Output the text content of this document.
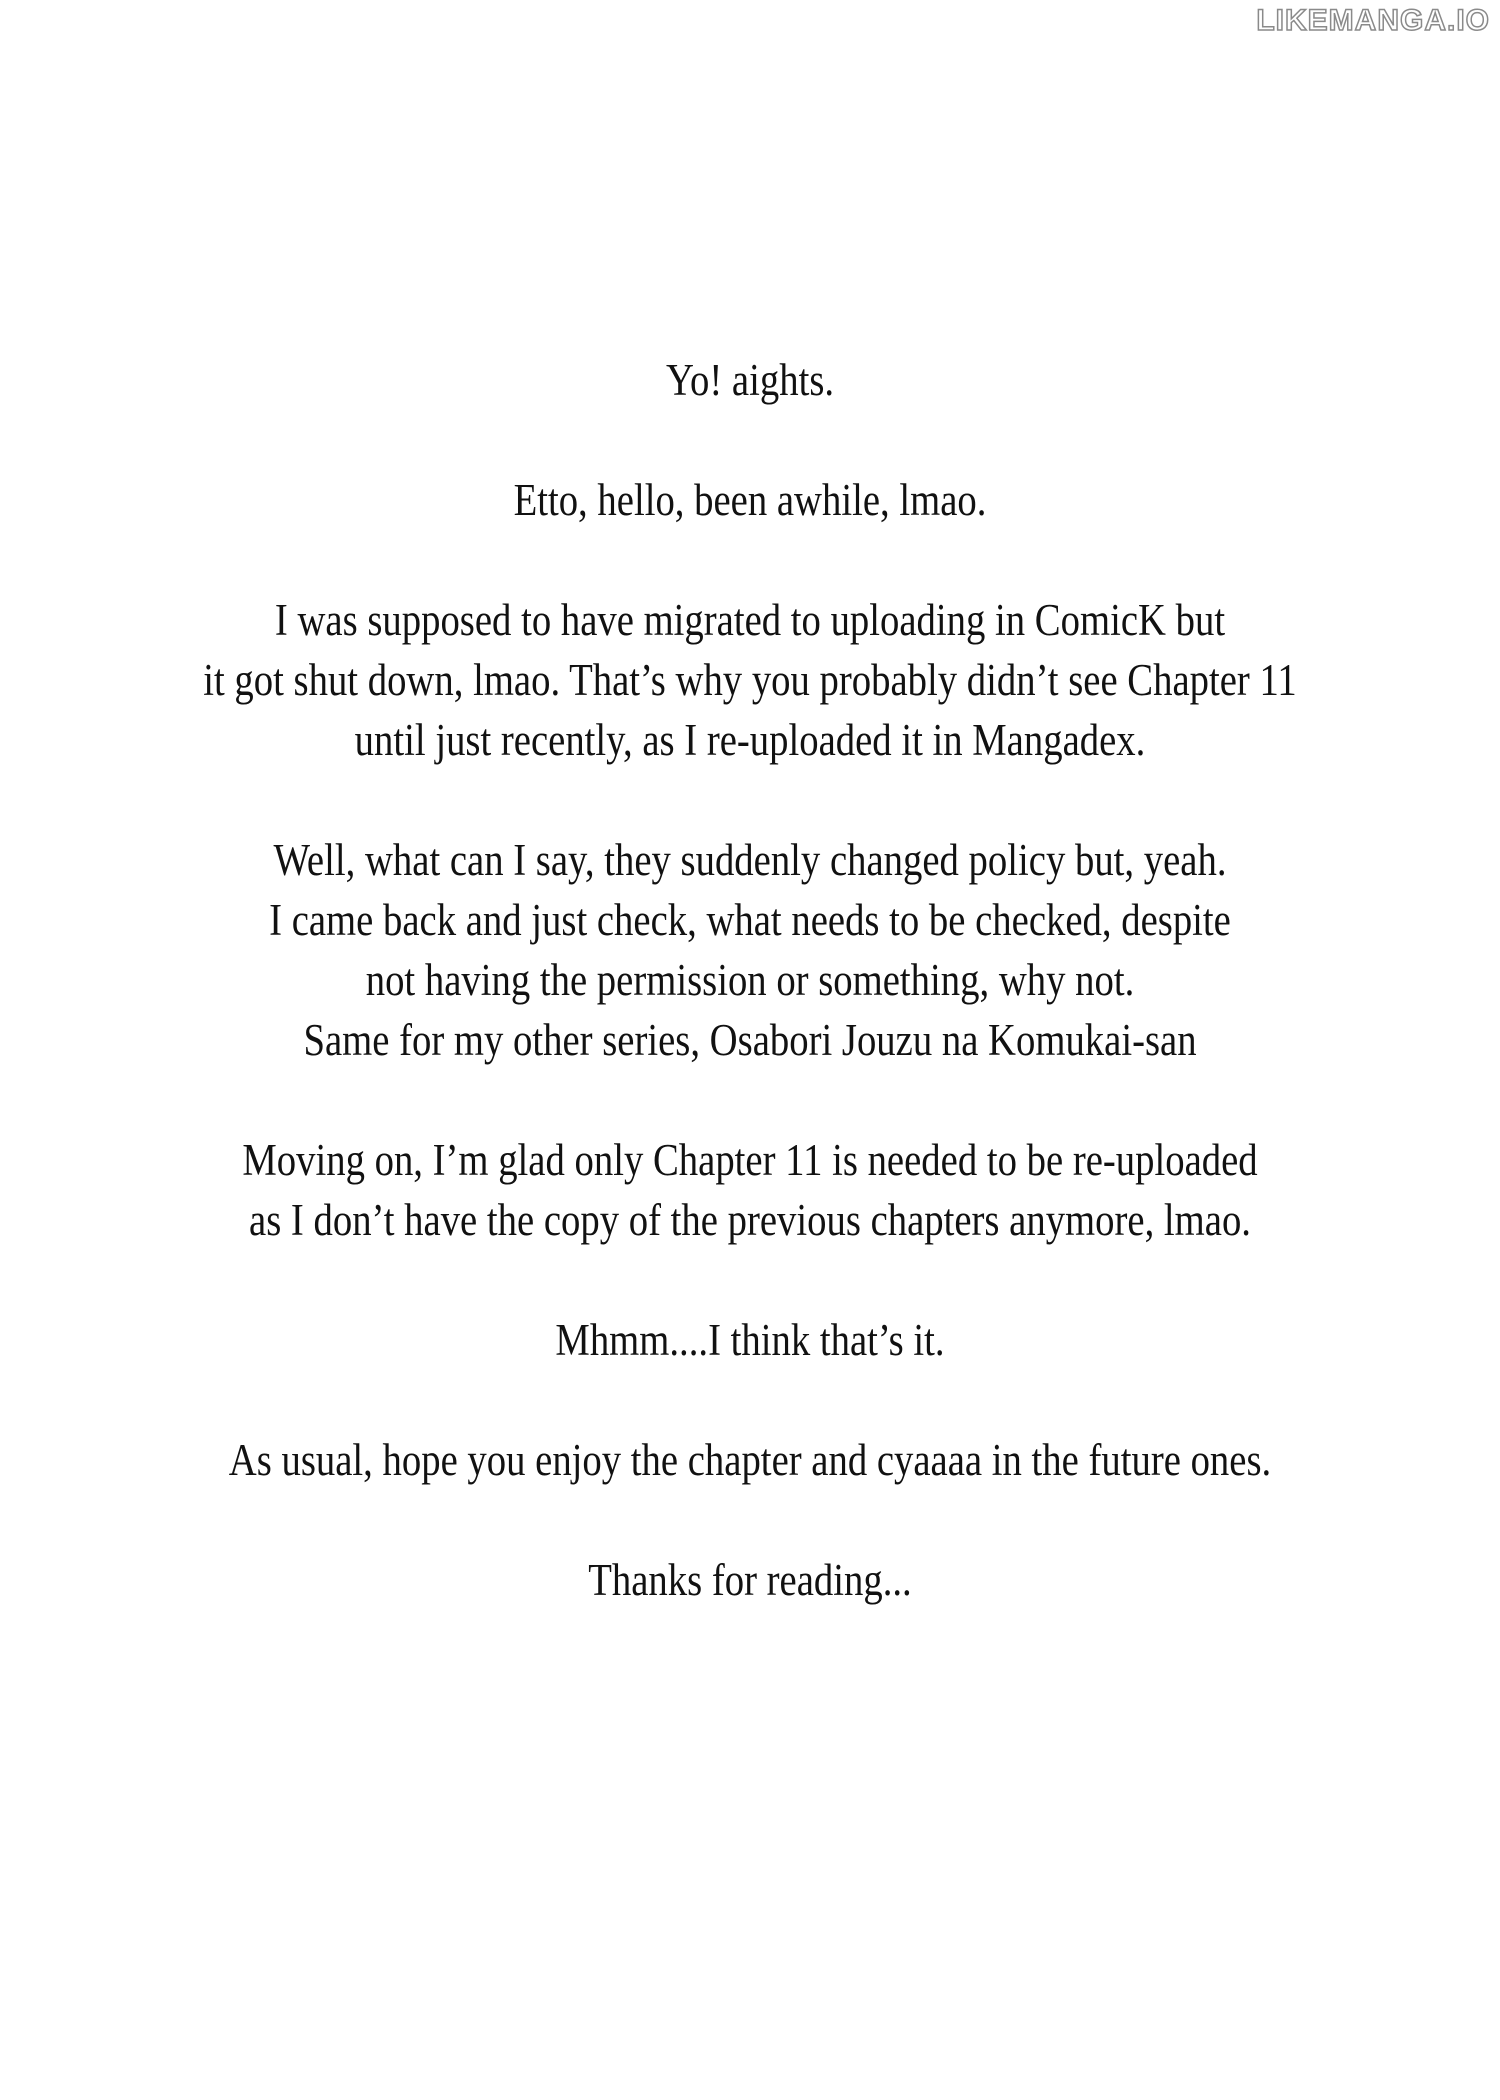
LIKEMANGA.IO

Yo! aights.

Etto, hello, been awhile, lmao.

I was supposed to have migrated to uploading in ComicK but
it got shut down, lmao. That’s why you probably didn’t see Chapter 11
until just recently, as I re-uploaded it in Mangadex.

Well, what can I say, they suddenly changed policy but, yeah.
I came back and just check, what needs to be checked, despite
not having the permission or something, why not.
Same for my other series, Osabori Jouzu na Komukai-san

Moving on, I’m glad only Chapter 11 is needed to be re-uploaded
as I don’t have the copy of the previous chapters anymore, lmao.

Mhmm....I think that’s it.

As usual, hope you enjoy the chapter and cyaaaa in the future ones.

Thanks for reading...
